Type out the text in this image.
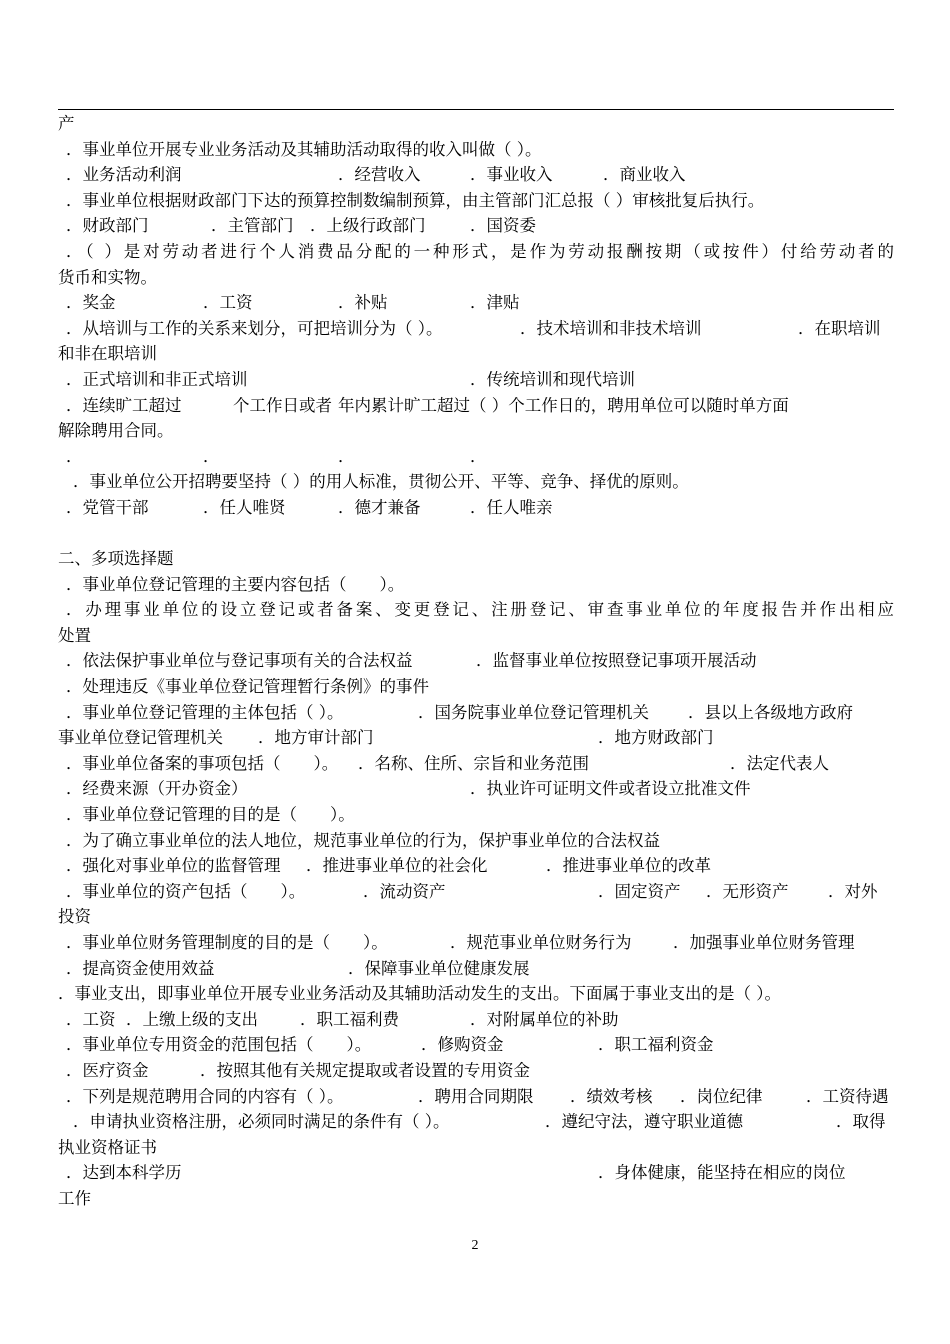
产
．事业单位开展专业业务活动及其辅助活动取得的收入叫做（ ）。
．业务活动利润	．经营收入	．事业收入	．商业收入
．事业单位根据财政部门下达的预算控制数编制预算，由主管部门汇总报（ ）审核批复后执行。
．财政部门	．主管部门 ．上级行政部门	．国资委
．（ ）是对劳动者进行个人消费品分配的一种形式，是作为劳动报酬按期（或按件）付给劳动者的
货币和实物。
．奖金	．工资	．补贴	．津贴
．从培训与工作的关系来划分，可把培训分为（ ）。	．技术培训和非技术培训	．在职培训
和非在职培训
．正式培训和非正式培训	．传统培训和现代培训
．连续旷工超过	个工作日或者 年内累计旷工超过（ ）个工作日的，聘用单位可以随时单方面
解除聘用合同。
．	．	．	．
．事业单位公开招聘要坚持（ ）的用人标准，贯彻公开、平等、竞争、择优的原则。
．党管干部	．任人唯贤	．德才兼备	．任人唯亲
二、多项选择题
．事业单位登记管理的主要内容包括（　　）。
．办理事业单位的设立登记或者备案、变更登记、注册登记、审查事业单位的年度报告并作出相应
处置
．依法保护事业单位与登记事项有关的合法权益	．监督事业单位按照登记事项开展活动
．处理违反《事业单位登记管理暂行条例》的事件
．事业单位登记管理的主体包括（ ）。	．国务院事业单位登记管理机关 ．县以上各级地方政府
事业单位登记管理机关 ．地方审计部门	．地方财政部门
．事业单位备案的事项包括（　　）。 ．名称、住所、宗旨和业务范围	．法定代表人
．经费来源（开办资金）	．执业许可证明文件或者设立批准文件
．事业单位登记管理的目的是（　　）。
．为了确立事业单位的法人地位，规范事业单位的行为，保护事业单位的合法权益
．强化对事业单位的监督管理 ．推进事业单位的社会化	．推进事业单位的改革
．事业单位的资产包括（　　）。	．流动资产	．固定资产 ．无形资产 ．对外
投资
．事业单位财务管理制度的目的是（　　）。	．规范事业单位财务行为	．加强事业单位财务管理
．提高资金使用效益	．保障事业单位健康发展
．事业支出，即事业单位开展专业业务活动及其辅助活动发生的支出。下面属于事业支出的是（ ）。
．工资 ．上缴上级的支出	．职工福利费	．对附属单位的补助
．事业单位专用资金的范围包括（　　）。	．修购资金	．职工福利资金
．医疗资金	．按照其他有关规定提取或者设置的专用资金
．下列是规范聘用合同的内容有（ ）。	．聘用合同期限 ．绩效考核 ．岗位纪律	．工资待遇
．申请执业资格注册，必须同时满足的条件有（ ）。	．遵纪守法，遵守职业道德	．取得
执业资格证书
．达到本科学历	．身体健康，能坚持在相应的岗位
工作
2
